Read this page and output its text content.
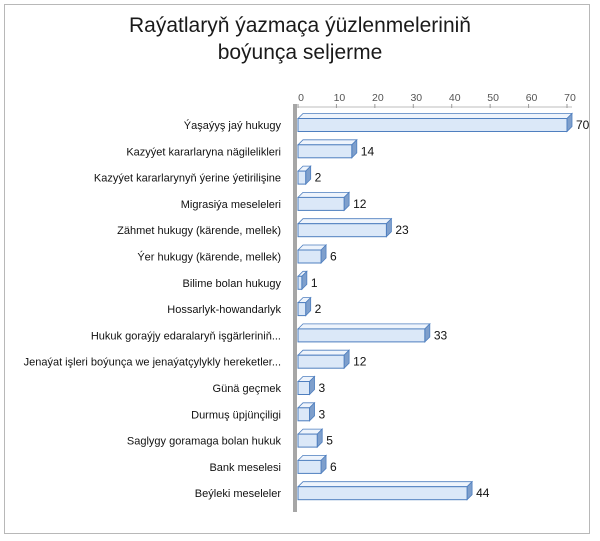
Raýatlaryň ýazmaça ýüzlenmeleriniň
boýunça seljerme
0	10	20	30	40	50	60	70
Ýaşaýyş jaý hukugy	70
Kazyýet kararlaryna nägilelikleri	14
Kazyýet kararlarynyň ýerine ýetirilişine	2
Migrasiýa meseleleri	12
Zähmet hukugy (kärende, mellek)	23
Ýer hukugy (kärende, mellek)	6
Bilime bolan hukugy 1
Hossarlyk-howandarlyk	2
Hukuk goraýjy edaralaryň işgärleriniň...	33
Jenaýat işleri boýunça we jenaýatçylykly hereketler...	12
Günä geçmek	3
Durmuş üpjünçiligi	3
Saglygy goramaga bolan hukuk	5
Bank meselesi	6
Beýleki meseleler	44
